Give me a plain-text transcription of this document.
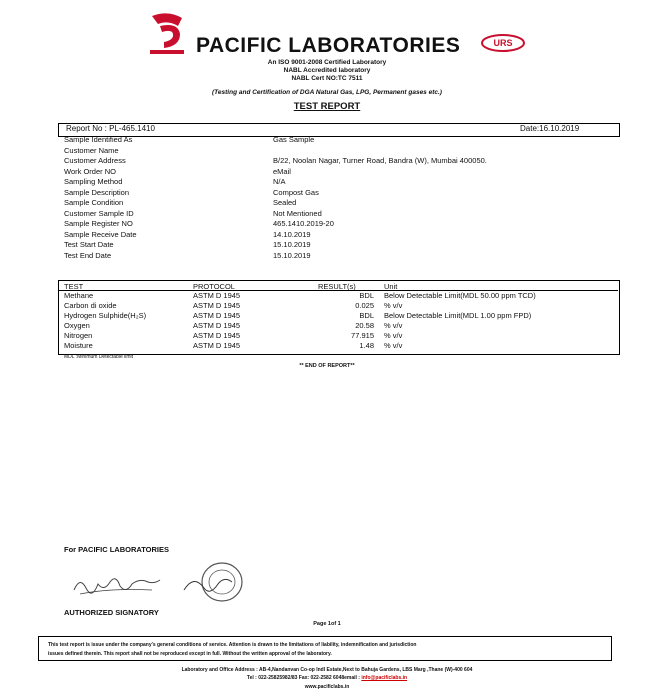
PACIFIC LABORATORIES	URS
An ISO 9001-2008 Certified Laboratory
NABL Accredited laboratory
NABL Cert NO:TC 7511
(Testing and Certification of DGA Natural Gas, LPG, Permanent gases etc.)
TEST REPORT
Report No : PL-465.1410	Date:16.10.2019
Sample Identified As	Gas Sample
Customer Name
Customer Address	B/22, Noolan Nagar, Turner Road, Bandra (W), Mumbai 400050.
Work Order NO	eMail
Sampling Method	N/A
Sample Description	Compost Gas
Sample Condition	Sealed
Customer Sample ID	Not Mentioned
Sample Register NO	465.1410.2019-20
Sample Receive Date	14.10.2019
Test Start Date	15.10.2019
Test End Date	15.10.2019
TEST	PROTOCOL	RESULT(s)	Unit
Methane	ASTM D 1945	BDL Below Detectable Limit(MDL 50.00 ppm TCD)
Carbon di oxide	ASTM D 1945	0.025 % v/v
Hydrogen Sulphide(H₂S)	ASTM D 1945	BDL Below Detectable Limit(MDL 1.00 ppm FPD)
Oxygen	ASTM D 1945	20.58 % v/v
Nitrogen	ASTM D 1945	77.915 % v/v
Moisture	ASTM D 1945	1.48 % v/v
MDL :Minimum Detectable limit
** END OF REPORT**
For PACIFIC LABORATORIES
AUTHORIZED SIGNATORY
Page 1of 1
This test report is issue under the company's general conditions of service. Attention is drawn to the limitations of liability, indemnification and jurisdiction
issues defined therein. This report shall not be reproduced except in full. Without the written approval of the laboratory.
Laboratory and Office Address : AB-4,Nandanvan Co-op Indl Estate,Next to Bahuja Gardens, LBS Marg ,Thane (W)-400 604
Tel : 022-25825982/83 Fax: 022-2582 6048email : info@pacificlabs.in
www.pacificlabs.in
